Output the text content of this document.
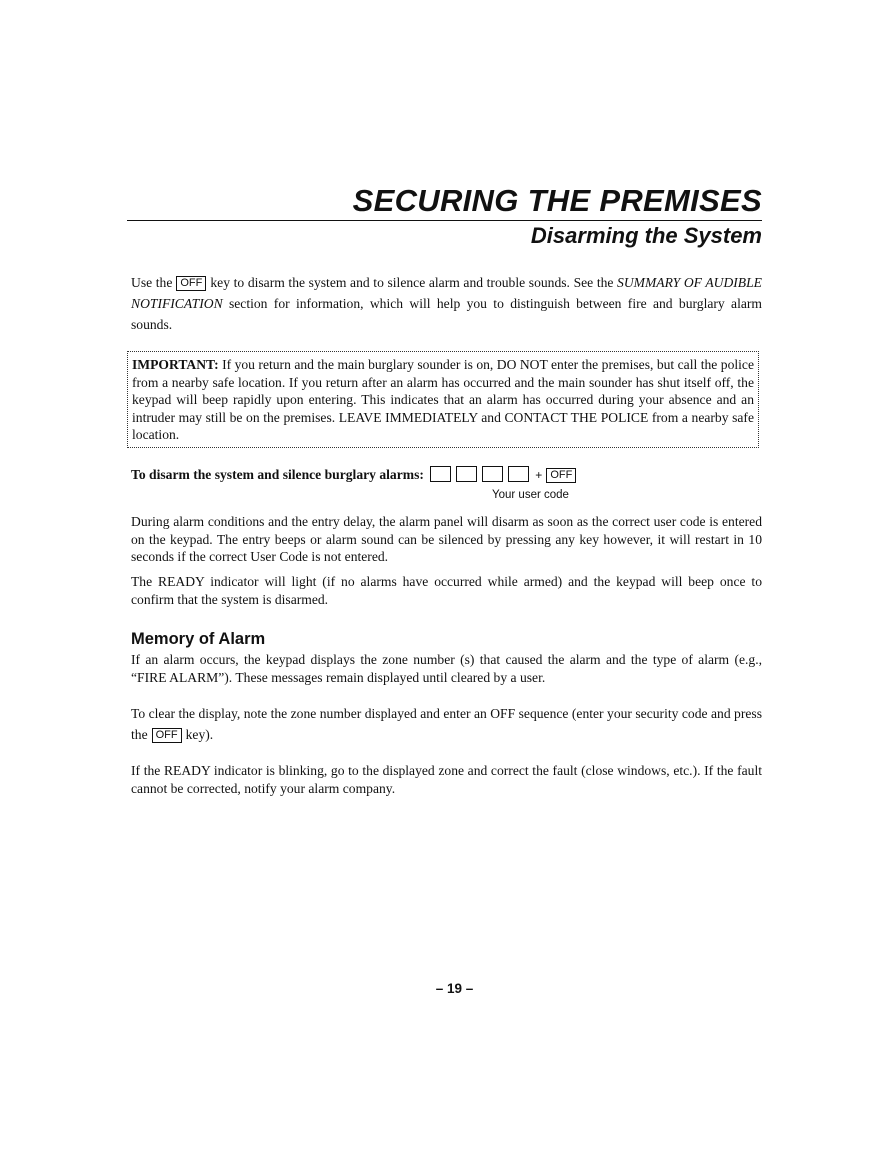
SECURING THE PREMISES
Disarming the System

Use the OFF key to disarm the system and to silence alarm and trouble sounds. See the SUMMARY OF AUDIBLE NOTIFICATION section for information, which will help you to distinguish between fire and burglary alarm sounds.

IMPORTANT: If you return and the main burglary sounder is on, DO NOT enter the premises, but call the police from a nearby safe location. If you return after an alarm has occurred and the main sounder has shut itself off, the keypad will beep rapidly upon entering. This indicates that an alarm has occurred during your absence and an intruder may still be on the premises. LEAVE IMMEDIATELY and CONTACT THE POLICE from a nearby safe location.
To disarm the system and silence burglary alarms:	+ OFF
Your user code

During alarm conditions and the entry delay, the alarm panel will disarm as soon as the correct user code is entered on the keypad. The entry beeps or alarm sound can be silenced by pressing any key however, it will restart in 10 seconds if the correct User Code is not entered.

The READY indicator will light (if no alarms have occurred while armed) and the keypad will beep once to confirm that the system is disarmed.

Memory of Alarm

If an alarm occurs, the keypad displays the zone number (s) that caused the alarm and the type of alarm (e.g., “FIRE ALARM”). These messages remain displayed until cleared by a user.

To clear the display, note the zone number displayed and enter an OFF sequence (enter your security code and press the OFF key).

If the READY indicator is blinking, go to the displayed zone and correct the fault (close windows, etc.). If the fault cannot be corrected, notify your alarm company.

– 19 –
